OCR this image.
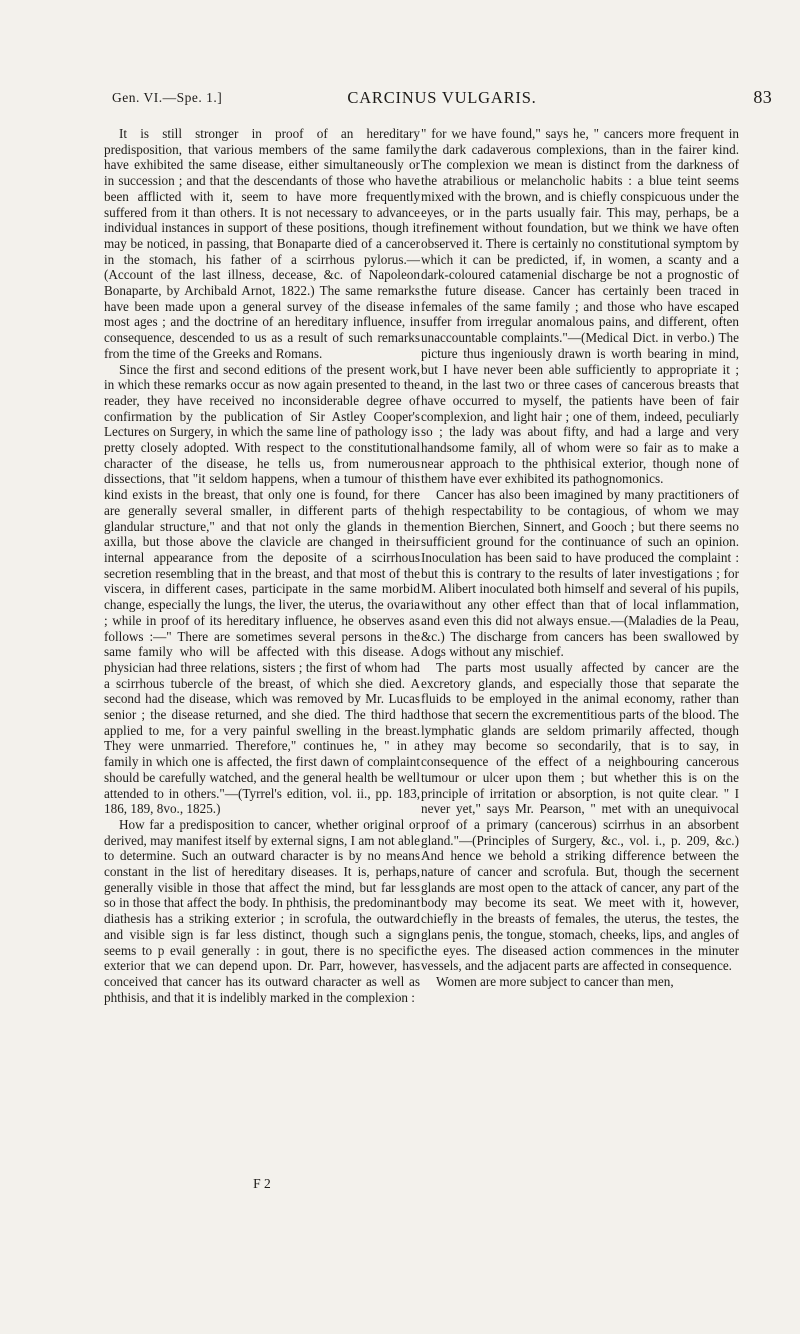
Gen. VI.—Spe. 1.]	CARCINUS VULGARIS.	83

It is still stronger in proof of an hereditary predisposition, that various members of the same family have exhibited the same disease, either simultaneously or in succession ; and that the descendants of those who have been afflicted with it, seem to have more frequently suffered from it than others. It is not necessary to advance individual instances in support of these positions, though it may be noticed, in passing, that Bonaparte died of a cancer in the stomach, his father of a scirrhous pylorus.—(Account of the last illness, decease, &c. of Napoleon Bonaparte, by Archibald Arnot, 1822.) The same remarks have been made upon a general survey of the disease in most ages ; and the doctrine of an hereditary influence, in consequence, descended to us as a result of such remarks from the time of the Greeks and Romans.

Since the first and second editions of the present work, in which these remarks occur as now again presented to the reader, they have received no inconsiderable degree of confirmation by the publication of Sir Astley Cooper's Lectures on Surgery, in which the same line of pathology is pretty closely adopted. With respect to the constitutional character of the disease, he tells us, from numerous dissections, that "it seldom happens, when a tumour of this kind exists in the breast, that only one is found, for there are generally several smaller, in different parts of the glandular structure," and that not only the glands in the axilla, but those above the clavicle are changed in their internal appearance from the deposite of a scirrhous secretion resembling that in the breast, and that most of the viscera, in different cases, participate in the same morbid change, especially the lungs, the liver, the uterus, the ovaria ; while in proof of its hereditary influence, he observes as follows :—" There are sometimes several persons in the same family who will be affected with this disease. A physician had three relations, sisters ; the first of whom had a scirrhous tubercle of the breast, of which she died. A second had the disease, which was removed by Mr. Lucas senior ; the disease returned, and she died. The third had applied to me, for a very painful swelling in the breast. They were unmarried. Therefore," continues he, " in a family in which one is affected, the first dawn of complaint should be carefully watched, and the general health be well attended to in others."—(Tyrrel's edition, vol. ii., pp. 183, 186, 189, 8vo., 1825.)

How far a predisposition to cancer, whether original or derived, may manifest itself by external signs, I am not able to determine. Such an outward character is by no means constant in the list of hereditary diseases. It is, perhaps, generally visible in those that affect the mind, but far less so in those that affect the body. In phthisis, the predominant diathesis has a striking exterior ; in scrofula, the outward and visible sign is far less distinct, though such a sign seems to p evail generally : in gout, there is no specific exterior that we can depend upon. Dr. Parr, however, has conceived that cancer has its outward character as well as phthisis, and that it is indelibly marked in the complexion :

F 2

" for we have found," says he, " cancers more frequent in the dark cadaverous complexions, than in the fairer kind. The complexion we mean is distinct from the darkness of the atrabilious or melancholic habits : a blue teint seems mixed with the brown, and is chiefly conspicuous under the eyes, or in the parts usually fair. This may, perhaps, be a refinement without foundation, but we think we have often observed it. There is certainly no constitutional symptom by which it can be predicted, if, in women, a scanty and a dark-coloured catamenial discharge be not a prognostic of the future disease. Cancer has certainly been traced in females of the same family ; and those who have escaped suffer from irregular anomalous pains, and different, often unaccountable complaints."—(Medical Dict. in verbo.) The picture thus ingeniously drawn is worth bearing in mind, but I have never been able sufficiently to appropriate it ; and, in the last two or three cases of cancerous breasts that have occurred to myself, the patients have been of fair complexion, and light hair ; one of them, indeed, peculiarly so ; the lady was about fifty, and had a large and very handsome family, all of whom were so fair as to make a near approach to the phthisical exterior, though none of them have ever exhibited its pathognomonics.

Cancer has also been imagined by many practitioners of high respectability to be contagious, of whom we may mention Bierchen, Sinnert, and Gooch ; but there seems no sufficient ground for the continuance of such an opinion. Inoculation has been said to have produced the complaint : but this is contrary to the results of later investigations ; for M. Alibert inoculated both himself and several of his pupils, without any other effect than that of local inflammation, and even this did not always ensue.—(Maladies de la Peau, &c.) The discharge from cancers has been swallowed by dogs without any mischief.

The parts most usually affected by cancer are the excretory glands, and especially those that separate the fluids to be employed in the animal economy, rather than those that secern the excrementitious parts of the blood. The lymphatic glands are seldom primarily affected, though they may become so secondarily, that is to say, in consequence of the effect of a neighbouring cancerous tumour or ulcer upon them ; but whether this is on the principle of irritation or absorption, is not quite clear. " I never yet," says Mr. Pearson, " met with an unequivocal proof of a primary (cancerous) scirrhus in an absorbent gland."—(Principles of Surgery, &c., vol. i., p. 209, &c.) And hence we behold a striking difference between the nature of cancer and scrofula. But, though the secernent glands are most open to the attack of cancer, any part of the body may become its seat. We meet with it, however, chiefly in the breasts of females, the uterus, the testes, the glans penis, the tongue, stomach, cheeks, lips, and angles of the eyes. The diseased action commences in the minuter vessels, and the adjacent parts are affected in consequence.

Women are more subject to cancer than men,
